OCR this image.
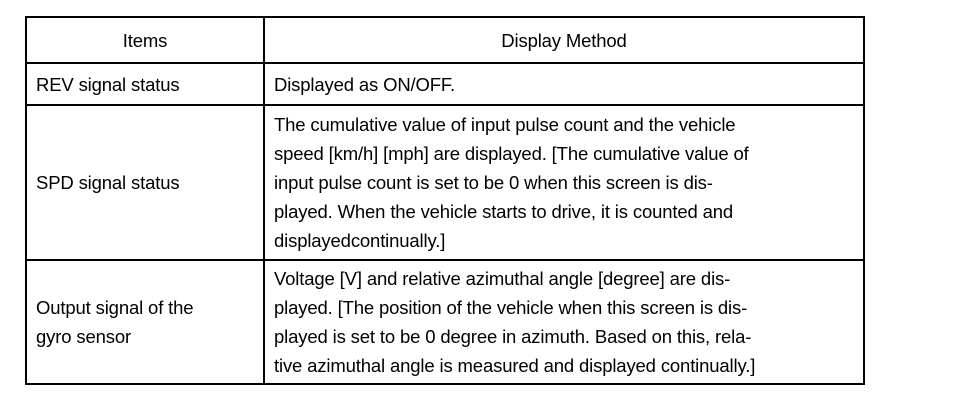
Items	Display Method

REV signal status	Displayed as ON/OFF.

SPD signal status	The cumulative value of input pulse count and the vehicle
speed [km/h] [mph] are displayed. [The cumulative value of
input pulse count is set to be 0 when this screen is dis-
played. When the vehicle starts to drive, it is counted and
displayedcontinually.]

Output signal of the
gyro sensor	Voltage [V] and relative azimuthal angle [degree] are dis-
played. [The position of the vehicle when this screen is dis-
played is set to be 0 degree in azimuth. Based on this, rela-
tive azimuthal angle is measured and displayed continually.]
